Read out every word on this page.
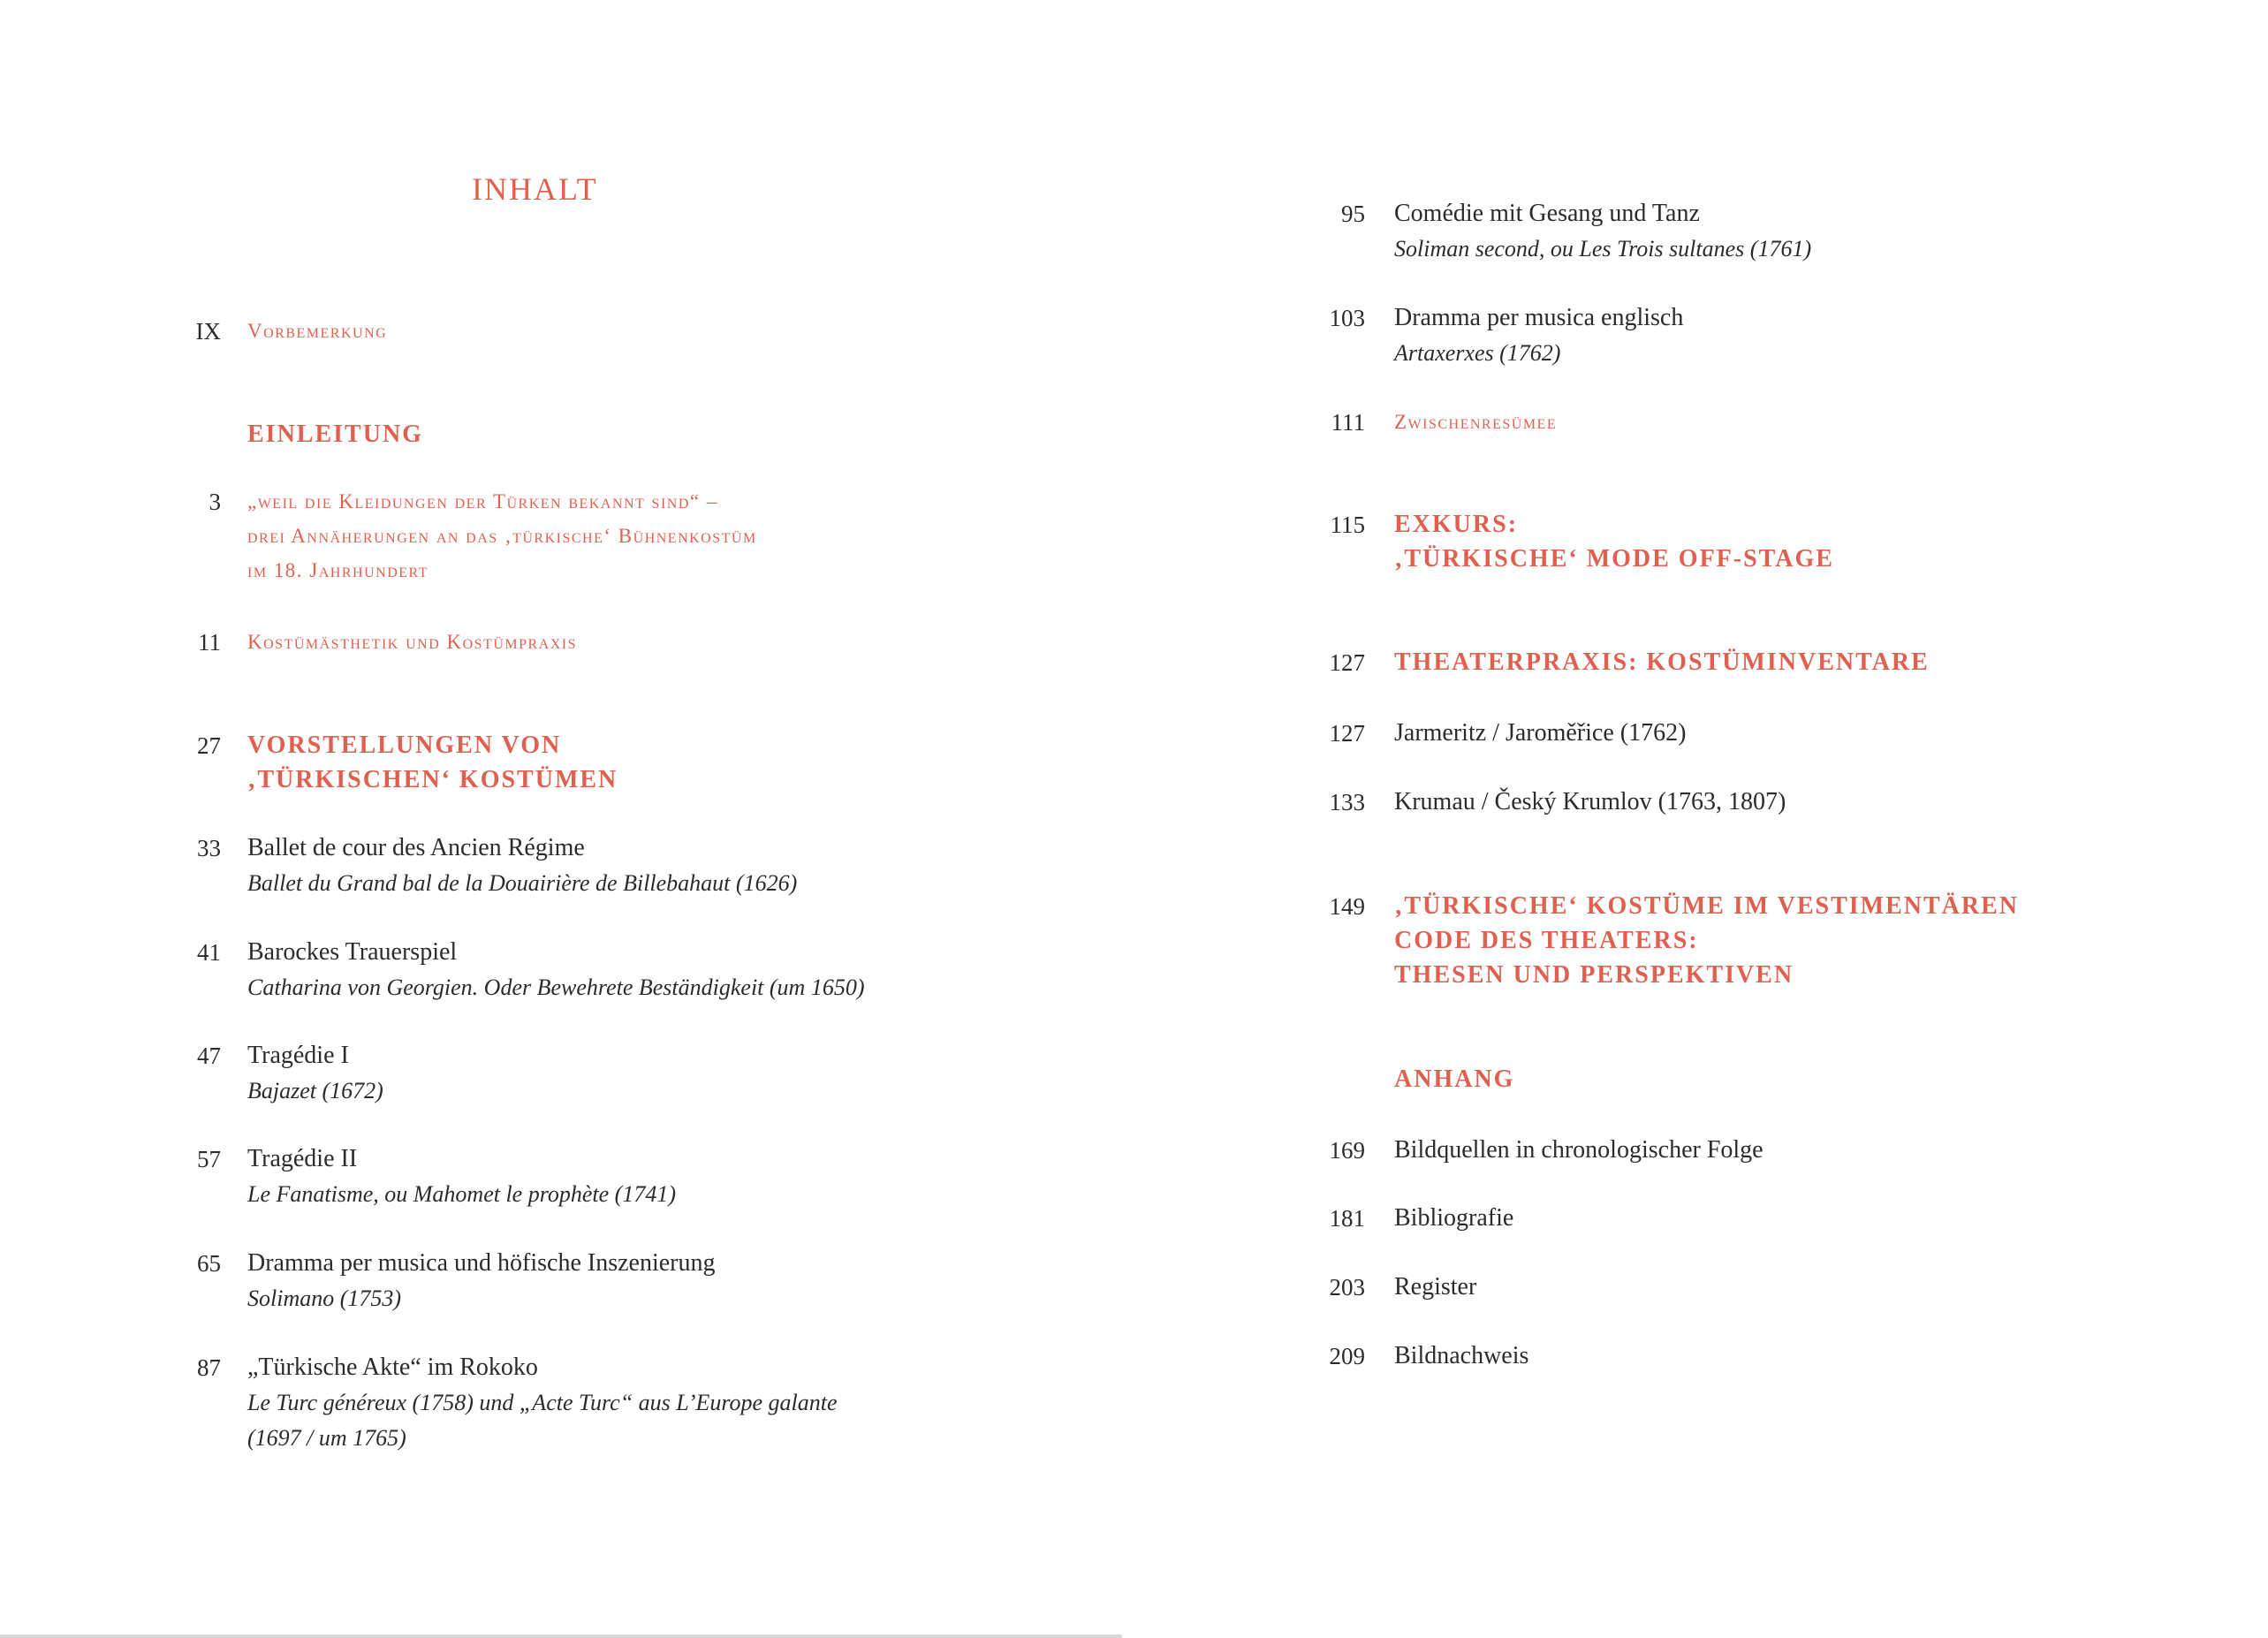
INHALT
IX Vorbemerkung
EINLEITUNG
3 „weil die Kleidungen der Türken bekannt sind“ –
drei Annäherungen an das ‚türkische‘ Bühnenkostüm
im 18. Jahrhundert
11 Kostümästhetik und Kostümpraxis
27 VORSTELLUNGEN VON
‚TÜRKISCHEN‘ KOSTÜMEN
33 Ballet de cour des Ancien Régime
Ballet du Grand bal de la Douairière de Billebahaut (1626)
41 Barockes Trauerspiel
Catharina von Georgien. Oder Bewehrete Beständigkeit (um 1650)
47 Tragédie I
Bajazet (1672)
57 Tragédie II
Le Fanatisme, ou Mahomet le prophète (1741)
65 Dramma per musica und höfische Inszenierung
Solimano (1753)
87 „Türkische Akte“ im Rokoko
Le Turc généreux (1758) und „Acte Turc“ aus L’Europe galante
(1697 / um 1765)
95 Comédie mit Gesang und Tanz
Soliman second, ou Les Trois sultanes (1761)
103 Dramma per musica englisch
Artaxerxes (1762)
111 Zwischenresümee
115 EXKURS:
‚TÜRKISCHE‘ MODE OFF-STAGE
127 THEATERPRAXIS: KOSTÜMINVENTARE
127 Jarmeritz / Jaroměřice (1762)
133 Krumau / Český Krumlov (1763, 1807)
149 ‚TÜRKISCHE‘ KOSTÜME IM VESTIMENTÄREN
CODE DES THEATERS:
THESEN UND PERSPEKTIVEN
ANHANG
169 Bildquellen in chronologischer Folge
181 Bibliografie
203 Register
209 Bildnachweis
